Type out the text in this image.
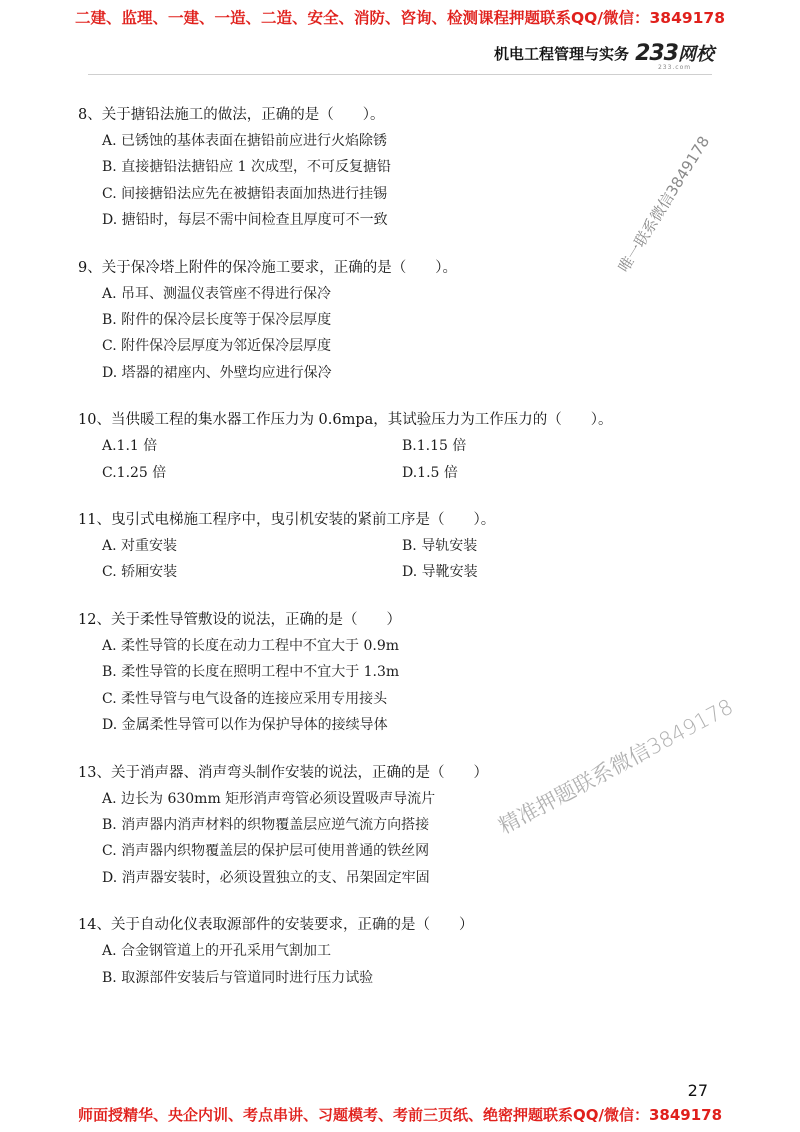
二建、监理、一建、一造、二造、安全、消防、咨询、检测课程押题联系QQ/微信：3849178
机电工程管理与实务 233 网校
233.com
8、关于搪铅法施工的做法，正确的是（　　）。
A. 已锈蚀的基体表面在搪铅前应进行火焰除锈
B. 直接搪铅法搪铅应 1 次成型，不可反复搪铅
C. 间接搪铅法应先在被搪铅表面加热进行挂锡
D. 搪铅时，每层不需中间检查且厚度可不一致
9、关于保冷塔上附件的保冷施工要求，正确的是（　　）。
A. 吊耳、测温仪表管座不得进行保冷
B. 附件的保冷层长度等于保冷层厚度
C. 附件保冷层厚度为邻近保冷层厚度
D. 塔器的裙座内、外壁均应进行保冷
10、当供暖工程的集水器工作压力为 0.6mpa，其试验压力为工作压力的（　　）。
A.1.1 倍	B.1.15 倍
C.1.25 倍	D.1.5 倍
11、曳引式电梯施工程序中，曳引机安装的紧前工序是（　　）。
A. 对重安装	B. 导轨安装
C. 轿厢安装	D. 导靴安装
12、关于柔性导管敷设的说法，正确的是（　　）
A. 柔性导管的长度在动力工程中不宜大于 0.9m
B. 柔性导管的长度在照明工程中不宜大于 1.3m
C. 柔性导管与电气设备的连接应采用专用接头
D. 金属柔性导管可以作为保护导体的接续导体
13、关于消声器、消声弯头制作安装的说法，正确的是（　　）
A. 边长为 630mm 矩形消声弯管必须设置吸声导流片
B. 消声器内消声材料的织物覆盖层应逆气流方向搭接
C. 消声器内织物覆盖层的保护层可使用普通的铁丝网
D. 消声器安装时，必须设置独立的支、吊架固定牢固
14、关于自动化仪表取源部件的安装要求，正确的是（　　）
A. 合金钢管道上的开孔采用气割加工
B. 取源部件安装后与管道同时进行压力试验
唯一联系微信3849178
精准押题联系微信3849178
27
师面授精华、央企内训、考点串讲、习题模考、考前三页纸、绝密押题联系QQ/微信：3849178
